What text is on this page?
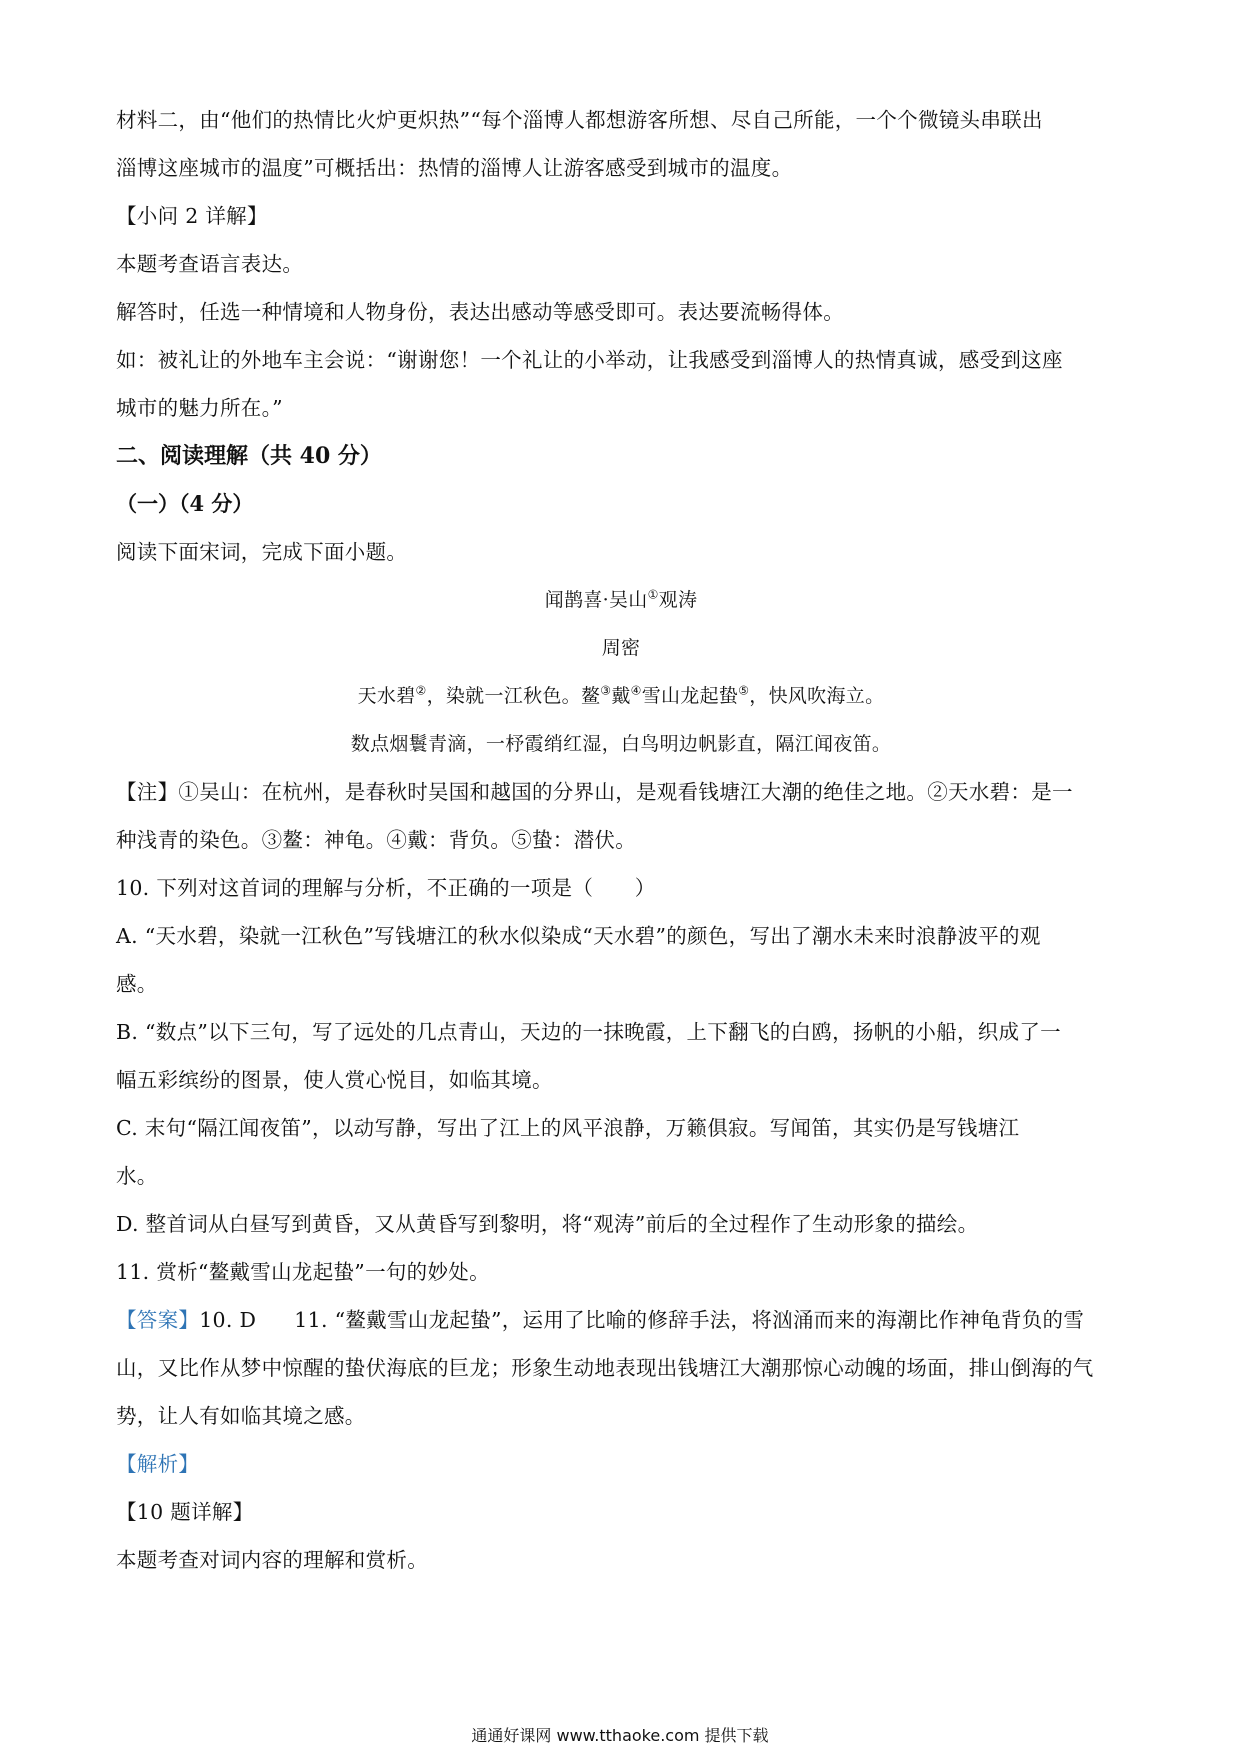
材料二，由“他们的热情比火炉更炽热”“每个淄博人都想游客所想、尽自己所能，一个个微镜头串联出

淄博这座城市的温度”可概括出：热情的淄博人让游客感受到城市的温度。

【小问 2 详解】

本题考查语言表达。

解答时，任选一种情境和人物身份，表达出感动等感受即可。表达要流畅得体。

如：被礼让的外地车主会说：“谢谢您！一个礼让的小举动，让我感受到淄博人的热情真诚，感受到这座

城市的魅力所在。”

二、阅读理解（共 40 分）
（一）（4 分）

阅读下面宋词，完成下面小题。

闻鹊喜·吴山①观涛

周密

天水碧②，染就一江秋色。鳌③戴④雪山龙起蛰⑤，快风吹海立。

数点烟鬟青滴，一杼霞绡红湿，白鸟明边帆影直，隔江闻夜笛。

【注】①吴山：在杭州，是春秋时吴国和越国的分界山，是观看钱塘江大潮的绝佳之地。②天水碧：是一

种浅青的染色。③鳌：神龟。④戴：背负。⑤蛰：潜伏。

10. 下列对这首词的理解与分析，不正确的一项是（　　）

A. “天水碧，染就一江秋色”写钱塘江的秋水似染成“天水碧”的颜色，写出了潮水未来时浪静波平的观

感。

B. “数点”以下三句，写了远处的几点青山，天边的一抹晚霞，上下翻飞的白鸥，扬帆的小船，织成了一

幅五彩缤纷的图景，使人赏心悦目，如临其境。

C. 末句“隔江闻夜笛”，以动写静，写出了江上的风平浪静，万籁俱寂。写闻笛，其实仍是写钱塘江

水。

D. 整首词从白昼写到黄昏，又从黄昏写到黎明，将“观涛”前后的全过程作了生动形象的描绘。

11. 赏析“鳌戴雪山龙起蛰”一句的妙处。

【答案】10. D 11. “鳌戴雪山龙起蛰”，运用了比喻的修辞手法，将汹涌而来的海潮比作神龟背负的雪

山，又比作从梦中惊醒的蛰伏海底的巨龙；形象生动地表现出钱塘江大潮那惊心动魄的场面，排山倒海的气

势，让人有如临其境之感。

【解析】

【10 题详解】

本题考查对词内容的理解和赏析。

通通好课网 www.tthaoke.com 提供下载
